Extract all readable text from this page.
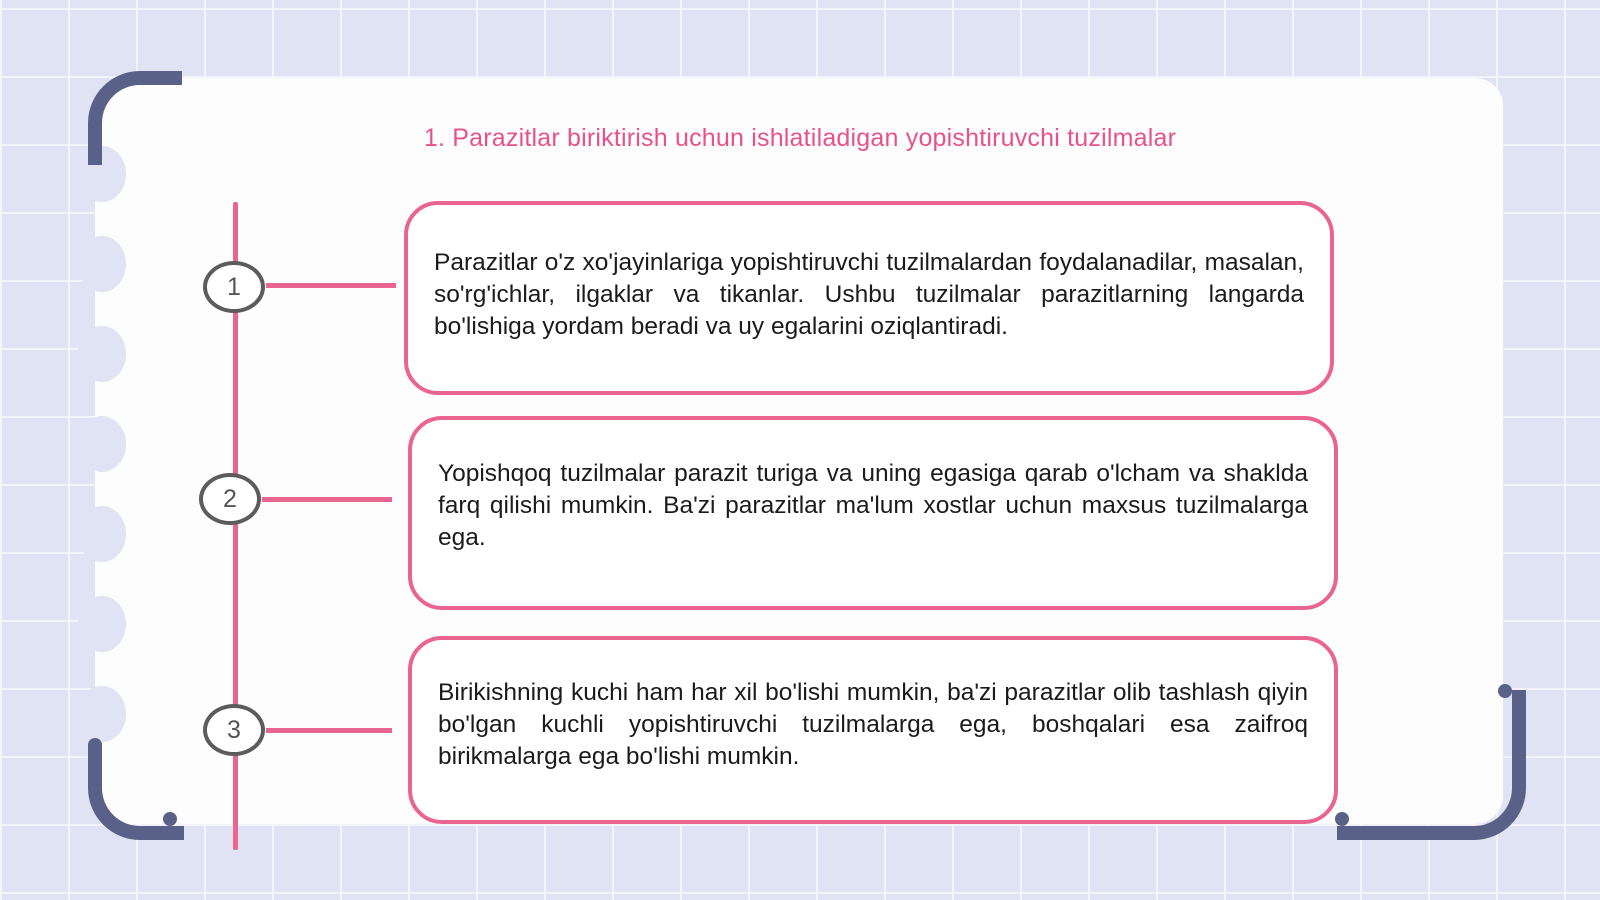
1. Parazitlar biriktirish uchun ishlatiladigan yopishtiruvchi tuzilmalar
1
2
3

Parazitlar o'z xo'jayinlariga yopishtiruvchi tuzilmalardan foydalanadilar, masalan, so'rg'ichlar, ilgaklar va tikanlar. Ushbu tuzilmalar parazitlarning langarda bo'lishiga yordam beradi va uy egalarini oziqlantiradi.

Yopishqoq tuzilmalar parazit turiga va uning egasiga qarab o'lcham va shaklda farq qilishi mumkin. Ba'zi parazitlar ma'lum xostlar uchun maxsus tuzilmalarga ega.

Birikishning kuchi ham har xil bo'lishi mumkin, ba'zi parazitlar olib tashlash qiyin bo'lgan kuchli yopishtiruvchi tuzilmalarga ega, boshqalari esa zaifroq birikmalarga ega bo'lishi mumkin.
